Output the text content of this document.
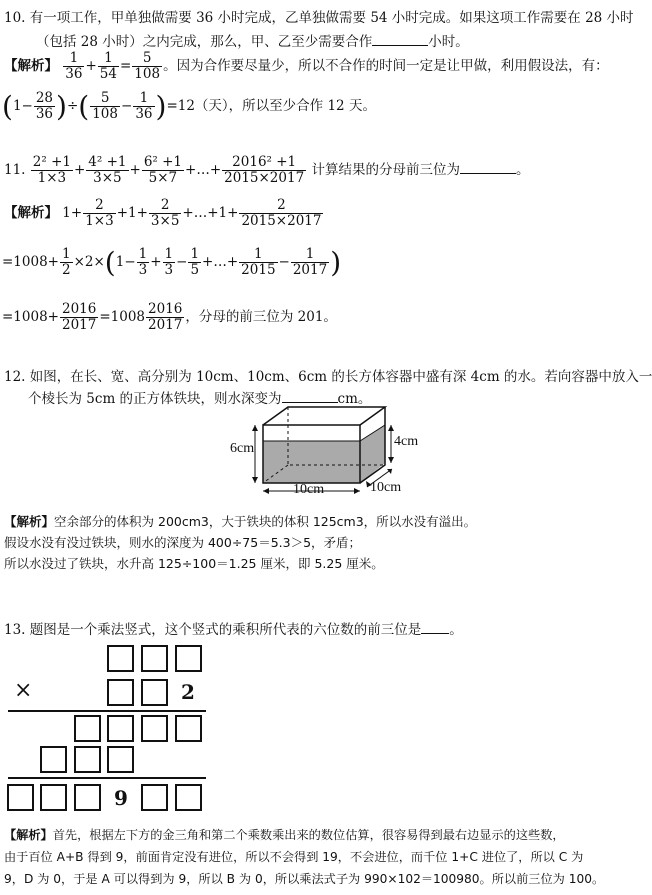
10. 有一项工作，甲单独做需要 36 小时完成，乙单独做需要 54 小时完成。如果这项工作需要在 28 小时
（包括 28 小时）之内完成，那么，甲、乙至少需要合作	小时。
【解析】 $\frac{1}{36} + \frac{1}{54} = \frac{5}{108}$ 。因为合作要尽量少，所以不合作的时间一定是让甲做，利用假设法，有：
($1- \frac{28}{36}$ )÷( $\frac{5}{108} - \frac{1}{36} )=12$（天），所以至少合作 12 天。
11. $\frac{\text{2² +1}}{1\times 3} + \frac{\text{4² +1}}{3\times 5} + \frac{\text{6² +1}}{5\times 7}$ +…+ $\frac{\text{2016² +1}}{2015\times 2017}$ 计算结果的分母前三位为	。
【解析】 $1+ \frac{2}{1\times 3} +1+ \frac{2}{3\times 5}$ +…+1+ $\frac{2}{2015\times 2017}$
$=1008+ \frac{1}{2} \times 2\times(1- \frac{1}{3} + \frac{1}{3} - \frac{1}{5}$ +…+ $\frac{1}{2015} - \frac{1}{2017}$ )
$=1008+ \frac{2016}{2017} =1008 \frac{2016}{2017}$ ，分母的前三位为 201。
12. 如图，在长、宽、高分别为 10cm、10cm、6cm 的长方体容器中盛有深 4cm 的水。若向容器中放入一
个棱长为 5cm 的正方体铁块，则水深变为	cm。
6cm	4cm
10cm	10cm
【解析】空余部分的体积为 200cm3，大于铁块的体积 125cm3，所以水没有溢出。
假设水没有没过铁块，则水的深度为 400÷75＝5.3＞5，矛盾；
所以水没过了铁块，水升高 125÷100＝1.25 厘米，即 5.25 厘米。
13. 题图是一个乘法竖式，这个竖式的乘积所代表的六位数的前三位是 。
×	2
9
【解析】首先，根据左下方的金三角和第二个乘数乘出来的数位估算，很容易得到最右边显示的这些数，
由于百位 A+B 得到 9，前面肯定没有进位，所以不会得到 19，不会进位，而千位 1+C 进位了，所以 C 为
9，D 为 0，于是 A 可以得到为 9，所以 B 为 0，所以乘法式子为 990×102＝100980。所以前三位为 100。
